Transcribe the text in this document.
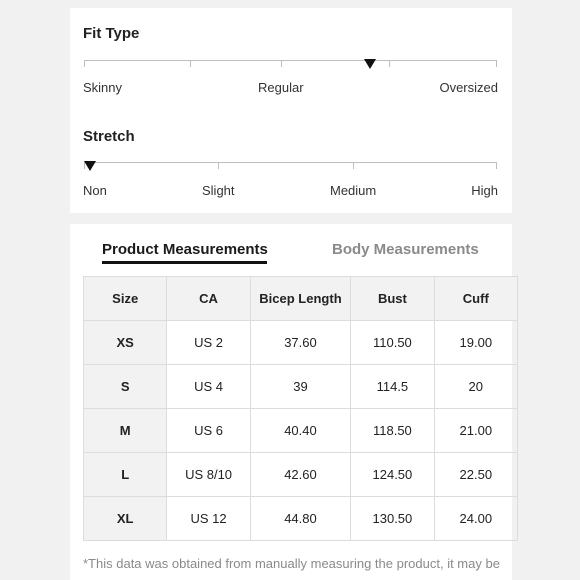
Fit Type
Skinny	Regular	Oversized
Stretch
Non	Slight	Medium	High
Product Measurements	Body Measurements
Size	CA	Bicep Length	Bust	Cuff
XS	US 2	37.60	110.50	19.00
S	US 4	39	114.5	20
M	US 6	40.40	118.50	21.00
L	US 8/10	42.60	124.50	22.50
XL	US 12	44.80	130.50	24.00
*This data was obtained from manually measuring the product, it may be
